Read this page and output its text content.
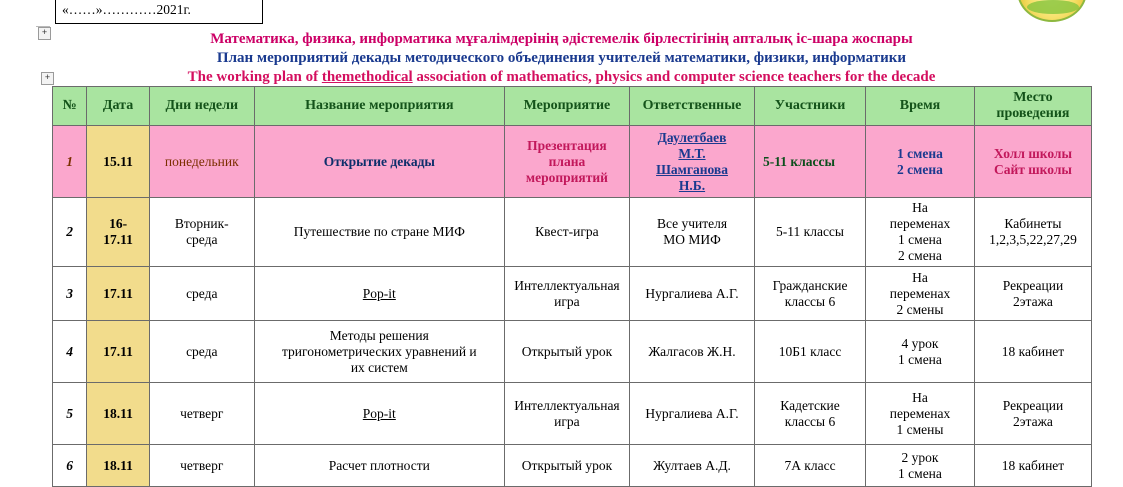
«……»…………2021г.
+
+
Математика, физика, информатика мұғалімдерінің әдістемелік бірлестігінің апталық іс-шара жоспары
План мероприятий декады методического объединения учителей математики, физики, информатики
The working plan of themethodical association of mathematics, physics and computer science teachers for the decade
№	Дата	Дни недели	Название мероприятия	Мероприятие	Ответственные	Участники	Время	Место проведения
1	15.11	понедельник	Открытие декады	Презентация
плана
мероприятий	Даулетбаев
М.Т.
Шамганова
Н.Б.	5-11 классы	1 смена
2 смена	Холл школы
Сайт школы

2	16-
17.11	Вторник-
среда	Путешествие по стране МИФ	Квест-игра	Все учителя
МО МИФ	5-11 классы	На
переменах
1 смена
2 смена	Кабинеты
1,2,3,5,22,27,29

3	17.11	среда	Pop-it	Интеллектуальная
игра	Нургалиева А.Г.	Гражданские
классы 6	На
переменах
2 смены	Рекреации
2этажа

4	17.11	среда	Методы решения
тригонометрических уравнений и
их систем	Открытый урок	Жалгасов Ж.Н.	10Б1 класс	4 урок
1 смена	18 кабинет

5	18.11	четверг	Pop-it	Интеллектуальная
игра	Нургалиева А.Г.	Кадетские
классы 6	На
переменах
1 смены	Рекреации
2этажа

6	18.11	четверг	Расчет плотности	Открытый урок	Жултаев А.Д.	7А класс	2 урок
1 смена	18 кабинет
